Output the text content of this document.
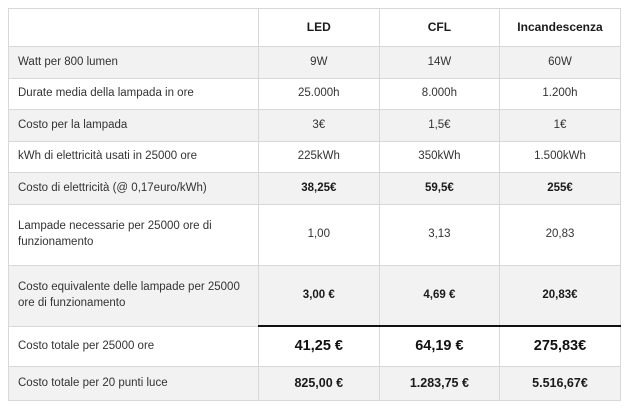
	LED	CFL	Incandescenza
Watt per 800 lumen	9W	14W	60W
Durate media della lampada in ore	25.000h	8.000h	1.200h
Costo per la lampada	3€	1,5€	1€
kWh di elettricità usati in 25000 ore	225kWh	350kWh	1.500kWh
Costo di elettricità (@ 0,17euro/kWh)	38,25€	59,5€	255€
Lampade necessarie per 25000 ore di funzionamento	1,00	3,13	20,83
Costo equivalente delle lampade per 25000 ore di funzionamento	3,00 €	4,69 €	20,83€
Costo totale per 25000 ore	41,25 €	64,19 €	275,83€
Costo totale per 20 punti luce	825,00 €	1.283,75 €	5.516,67€
